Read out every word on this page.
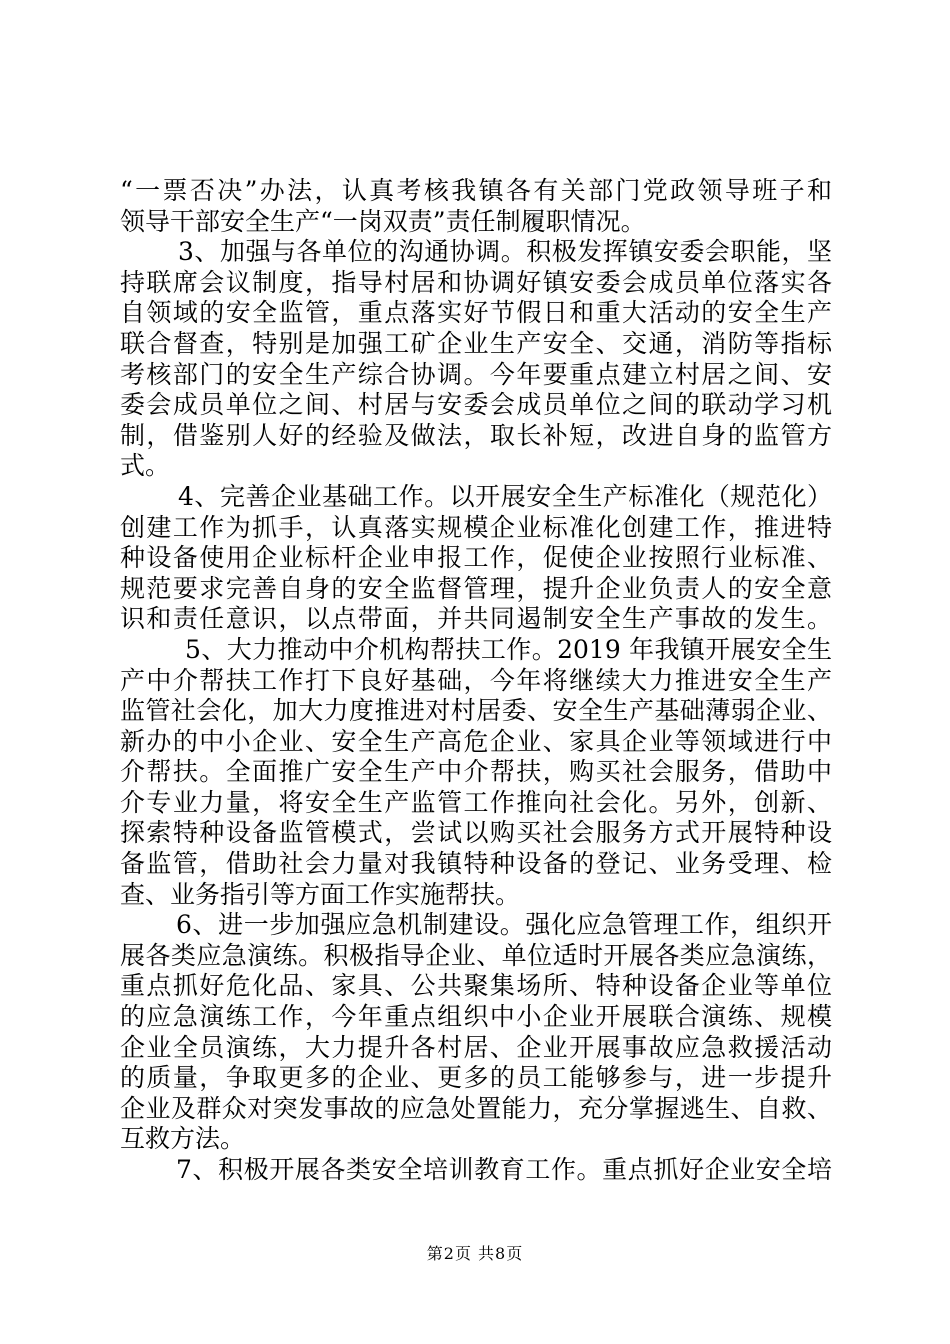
“一票否决”办法，认真考核我镇各有关部门党政领导班子和
领导干部安全生产“一岗双责”责任制履职情况。
3、加强与各单位的沟通协调。积极发挥镇安委会职能，坚
持联席会议制度，指导村居和协调好镇安委会成员单位落实各
自领域的安全监管，重点落实好节假日和重大活动的安全生产
联合督查，特别是加强工矿企业生产安全、交通，消防等指标
考核部门的安全生产综合协调。今年要重点建立村居之间、安
委会成员单位之间、村居与安委会成员单位之间的联动学习机
制，借鉴别人好的经验及做法，取长补短，改进自身的监管方
式。
4、完善企业基础工作。以开展安全生产标准化（规范化）
创建工作为抓手，认真落实规模企业标准化创建工作，推进特
种设备使用企业标杆企业申报工作，促使企业按照行业标准、
规范要求完善自身的安全监督管理，提升企业负责人的安全意
识和责任意识，以点带面，并共同遏制安全生产事故的发生。
5、大力推动中介机构帮扶工作。2019 年我镇开展安全生
产中介帮扶工作打下良好基础，今年将继续大力推进安全生产
监管社会化，加大力度推进对村居委、安全生产基础薄弱企业、
新办的中小企业、安全生产高危企业、家具企业等领域进行中
介帮扶。全面推广安全生产中介帮扶，购买社会服务，借助中
介专业力量，将安全生产监管工作推向社会化。另外，创新、
探索特种设备监管模式，尝试以购买社会服务方式开展特种设
备监管，借助社会力量对我镇特种设备的登记、业务受理、检
查、业务指引等方面工作实施帮扶。
6、进一步加强应急机制建设。强化应急管理工作，组织开
展各类应急演练。积极指导企业、单位适时开展各类应急演练，
重点抓好危化品、家具、公共聚集场所、特种设备企业等单位
的应急演练工作，今年重点组织中小企业开展联合演练、规模
企业全员演练，大力提升各村居、企业开展事故应急救援活动
的质量，争取更多的企业、更多的员工能够参与，进一步提升
企业及群众对突发事故的应急处置能力，充分掌握逃生、自救、
互救方法。
7、积极开展各类安全培训教育工作。重点抓好企业安全培
第2页 共8页
